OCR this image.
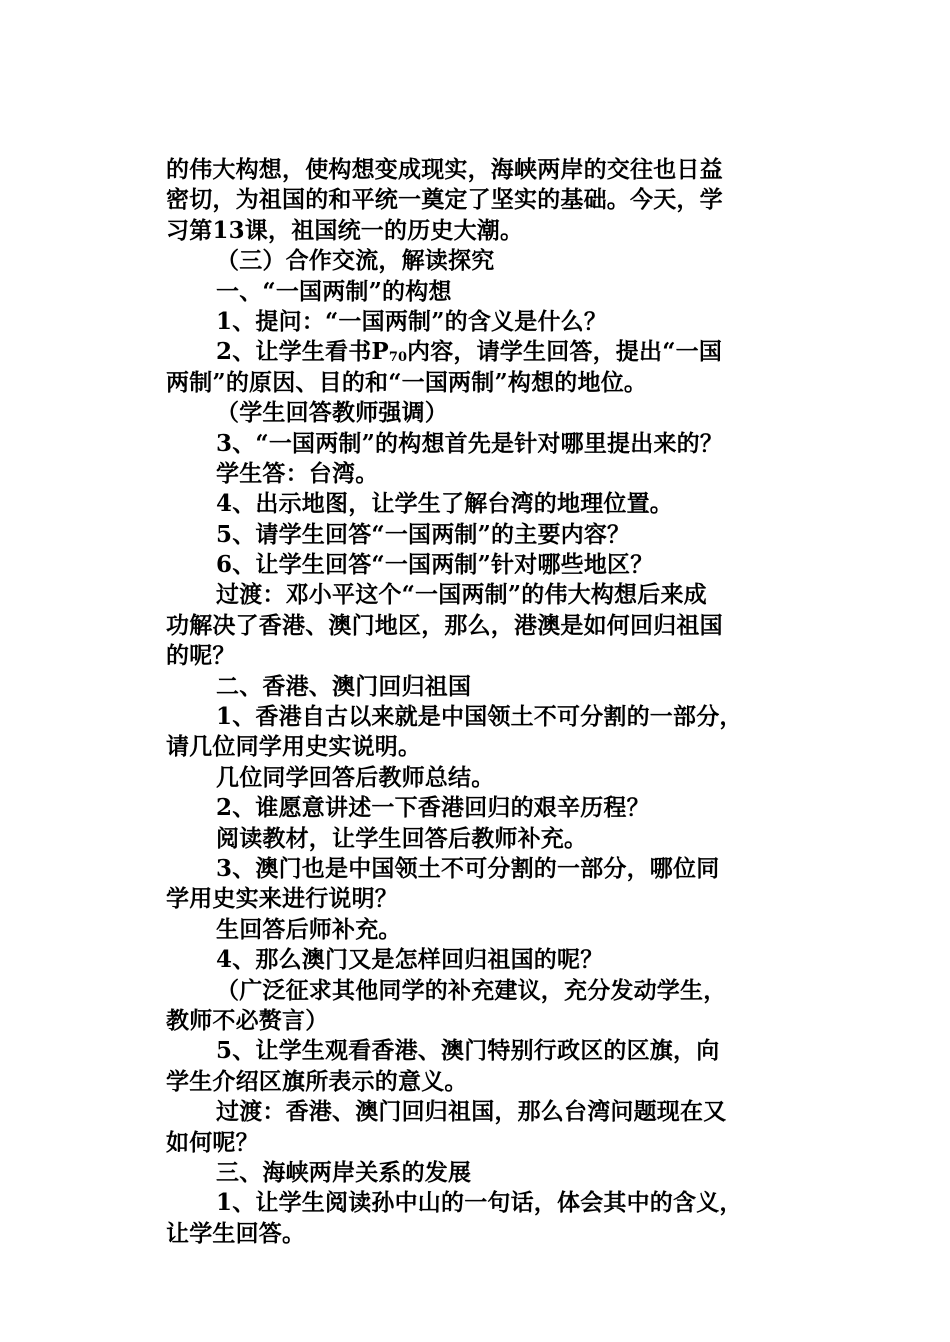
的伟大构想，使构想变成现实，海峡两岸的交往也日益
密切，为祖国的和平统一奠定了坚实的基础。今天，学
习第13课，祖国统一的历史大潮。
（三）合作交流，解读探究
一、“一国两制”的构想
1、提问：“一国两制”的含义是什么？
2、让学生看书P70内容，请学生回答，提出“一国
两制”的原因、目的和“一国两制”构想的地位。
（学生回答教师强调）
3、“一国两制”的构想首先是针对哪里提出来的？
学生答：台湾。
4、出示地图，让学生了解台湾的地理位置。
5、请学生回答“一国两制”的主要内容？
6、让学生回答“一国两制”针对哪些地区？
过渡：邓小平这个“一国两制”的伟大构想后来成
功解决了香港、澳门地区，那么，港澳是如何回归祖国
的呢？
二、香港、澳门回归祖国
1、香港自古以来就是中国领土不可分割的一部分，
请几位同学用史实说明。
几位同学回答后教师总结。
2、谁愿意讲述一下香港回归的艰辛历程？
阅读教材，让学生回答后教师补充。
3、澳门也是中国领土不可分割的一部分，哪位同
学用史实来进行说明？
生回答后师补充。
4、那么澳门又是怎样回归祖国的呢？
（广泛征求其他同学的补充建议，充分发动学生，
教师不必赘言）
5、让学生观看香港、澳门特别行政区的区旗，向
学生介绍区旗所表示的意义。
过渡：香港、澳门回归祖国，那么台湾问题现在又
如何呢？
三、海峡两岸关系的发展
1、让学生阅读孙中山的一句话，体会其中的含义，
让学生回答。
